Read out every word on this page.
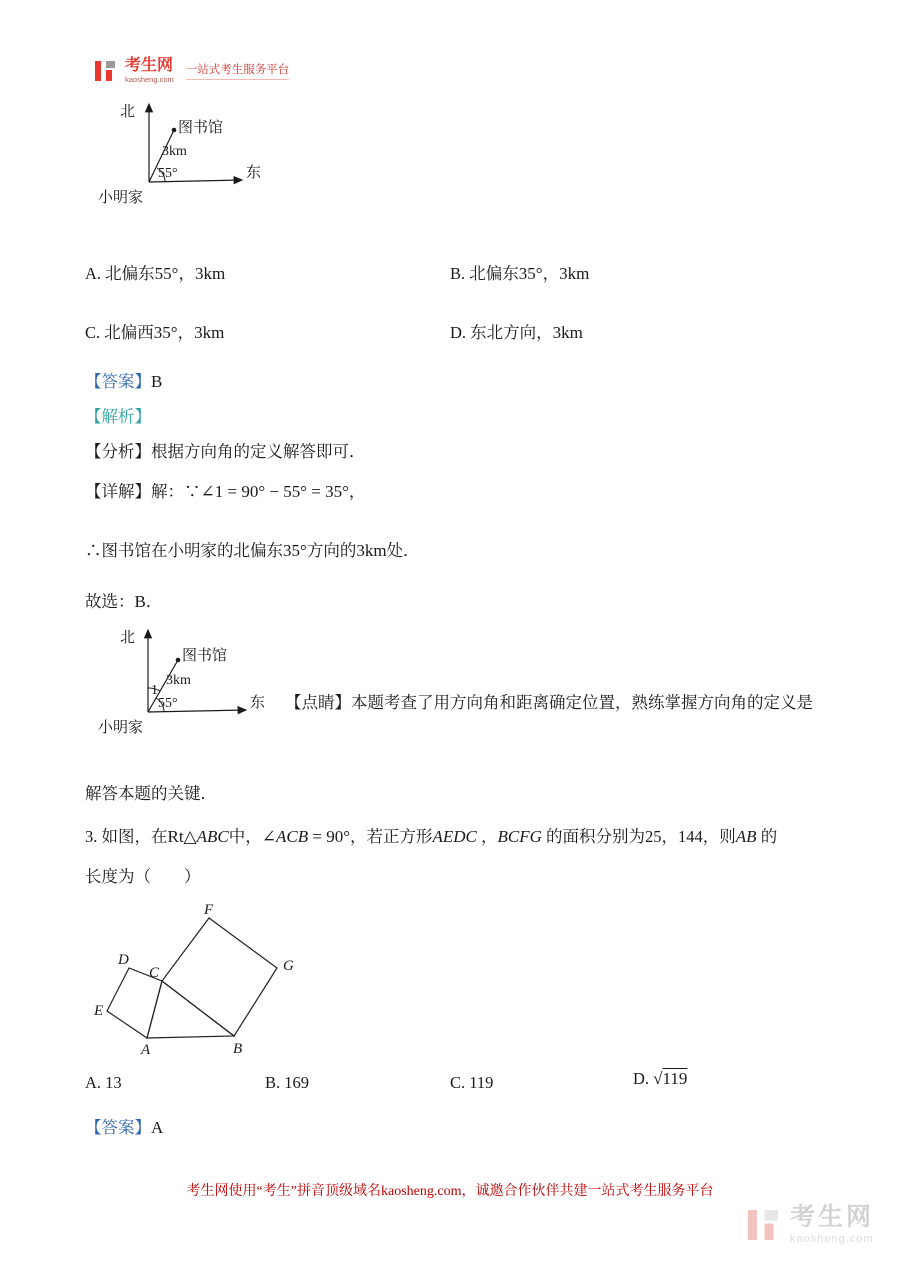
考生网
kaosheng.com
一站式考生服务平台
北
图书馆
3km
55°	东
小明家
A. 北偏东55°，3km	B. 北偏东35°，3km
C. 北偏西35°，3km	D. 东北方向，3km
【答案】B
【解析】
【分析】根据方向角的定义解答即可．
【详解】解：∵∠1 = 90° − 55° = 35°，
∴图书馆在小明家的北偏东35°方向的3km处．
故选：B．
北
图书馆
3km
1
55°	东
小明家
【点睛】本题考查了用方向角和距离确定位置，熟练掌握方向角的定义是
解答本题的关键．
3. 如图，在Rt△ABC中，∠ACB = 90°，若正方形AEDC ，BCFG 的面积分别为25，144，则AB 的
长度为（　　）
F
D
C	G
E
A	B
A. 13	B. 169	C. 119	D. √119
【答案】A
考生网使用“考生”拼音顶级域名kaosheng.com，诚邀合作伙伴共建一站式考生服务平台
考生网
kaosheng.com
